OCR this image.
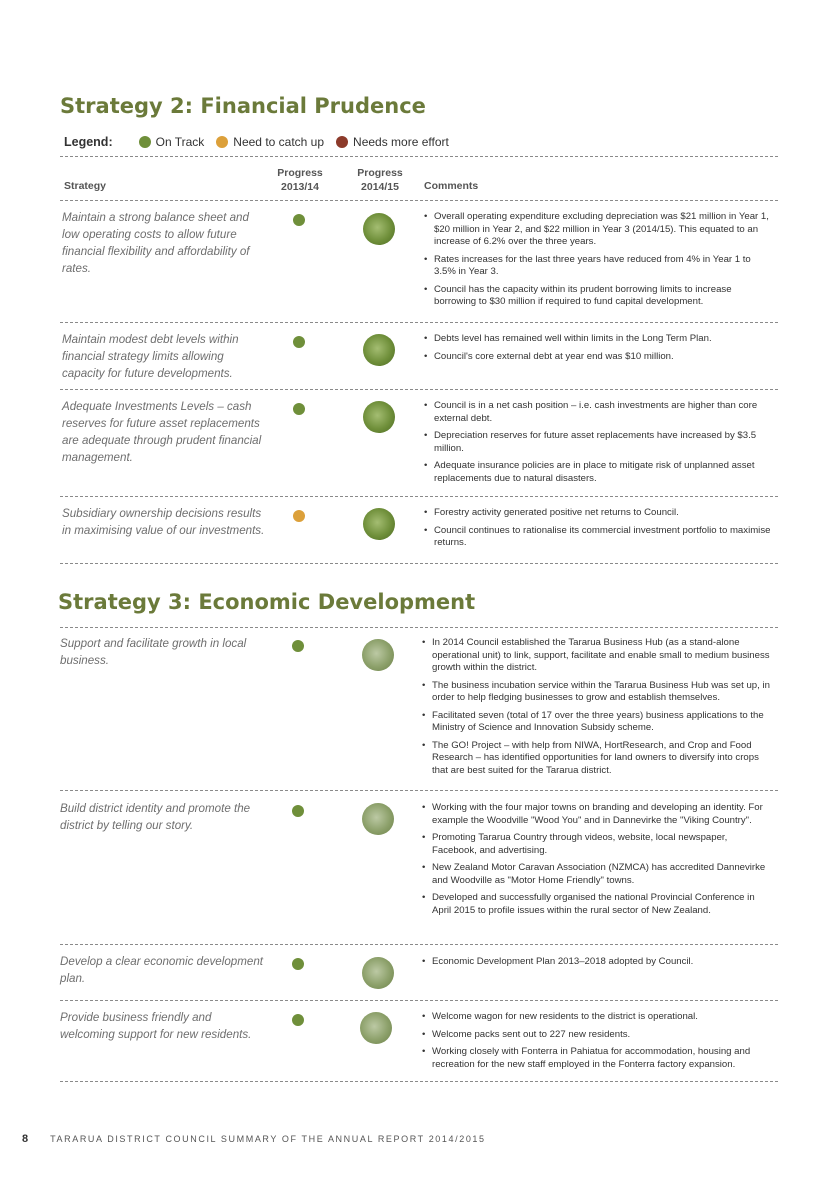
Strategy 2: Financial Prudence
Legend:	On Track Need to catch up Needs more effort
Strategy
Progress
2013/14
Progress
2014/15	Comments
Maintain a strong balance sheet and low operating costs to allow future financial flexibility and affordability of rates.
• Overall operating expenditure excluding depreciation was $21 million in Year 1, $20 million in Year 2, and $22 million in Year 3 (2014/15). This equated to an increase of 6.2% over the three years.
• Rates increases for the last three years have reduced from 4% in Year 1 to 3.5% in Year 3.
• Council has the capacity within its prudent borrowing limits to increase borrowing to $30 million if required to fund capital development.
Maintain modest debt levels within financial strategy limits allowing capacity for future developments.
• Debts level has remained well within limits in the Long Term Plan.
• Council's core external debt at year end was $10 million.
Adequate Investments Levels – cash reserves for future asset replacements are adequate through prudent financial management.
• Council is in a net cash position – i.e. cash investments are higher than core external debt.
• Depreciation reserves for future asset replacements have increased by $3.5 million.
• Adequate insurance policies are in place to mitigate risk of unplanned asset replacements due to natural disasters.
Subsidiary ownership decisions results in maximising value of our investments.
• Forestry activity generated positive net returns to Council.
• Council continues to rationalise its commercial investment portfolio to maximise returns.
Strategy 3: Economic Development
Support and facilitate growth in local business.
• In 2014 Council established the Tararua Business Hub (as a stand-alone operational unit) to link, support, facilitate and enable small to medium business growth within the district.
• The business incubation service within the Tararua Business Hub was set up, in order to help fledging businesses to grow and establish themselves.
• Facilitated seven (total of 17 over the three years) business applications to the Ministry of Science and Innovation Subsidy scheme.
• The GO! Project – with help from NIWA, HortResearch, and Crop and Food Research – has identified opportunities for land owners to diversify into crops that are best suited for the Tararua district.
Build district identity and promote the district by telling our story.
• Working with the four major towns on branding and developing an identity. For example the Woodville "Wood You" and in Dannevirke the "Viking Country".
• Promoting Tararua Country through videos, website, local newspaper, Facebook, and advertising.
• New Zealand Motor Caravan Association (NZMCA) has accredited Dannevirke and Woodville as "Motor Home Friendly" towns.
• Developed and successfully organised the national Provincial Conference in April 2015 to profile issues within the rural sector of New Zealand.
Develop a clear economic development plan.
• Economic Development Plan 2013–2018 adopted by Council.
Provide business friendly and welcoming support for new residents.
• Welcome wagon for new residents to the district is operational.
• Welcome packs sent out to 227 new residents.
• Working closely with Fonterra in Pahiatua for accommodation, housing and recreation for the new staff employed in the Fonterra factory expansion.
8 TARARUA DISTRICT COUNCIL SUMMARY OF THE ANNUAL REPORT 2014/2015
